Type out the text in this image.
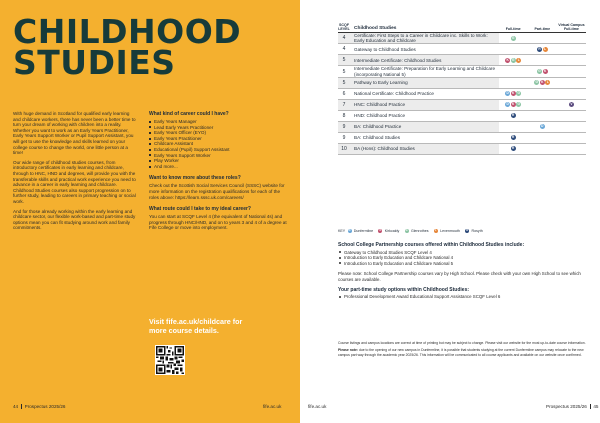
CHILDHOOD
STUDIES

With huge demand in Scotland for qualified early learning and childcare workers, there has never been a better time to turn your dream of working with children into a reality. Whether you want to work as an Early Years Practitioner, Early Years Support Worker or Pupil Support Assistant, you will get to use the knowledge and skills learned on your college course to change the world, one little person at a time!

Our wide range of childhood studies courses, from introductory certificates in early learning and childcare, through to HNC, HND and degrees, will provide you with the transferable skills and practical work experience you need to advance in a career in early learning and childcare. Childhood Studies courses also support progression on to further study, leading to careers in primary teaching or social work.

And for those already working within the early learning and childcare sector, our flexible work-based and part-time study options mean you can fit studying around work and family commitments.

What kind of career could I have?
Early Years Manager
Lead Early Years Practitioner
Early Years Officer (EYO)
Early Years Practitioner
Childcare Assistant
Educational (Pupil) Support Assistant
Early Years Support Worker
Play Worker
And more...
Want to know more about these roles?

Check out the Scottish Social Services Council (SSSC) website for more information on the registration qualifications for each of the roles above: https://learn.sssc.uk.com/careers/

What route could I take to my ideal career?

You can start at SCQF Level 4 (the equivalent of National 4s) and progress through HNC/HND, and on to years 3 and 4 of a degree at Fife College or move into employment.

Visit fife.ac.uk/childcare for
more course details.
44 Prospectus 2025/26	fife.ac.uk
SCQF LEVEL	Childhood Studies	Full-time	Part-time	Virtual Campus Full-time
4	Certificate: First Steps to a Career in Childcare inc. Skills to Work: Early Education and Childcare	G		

4	Gateway to Childhood Studies		R L	

5	Intermediate Certificate: Childhood Studies	K G L		

5	Intermediate Certificate: Preparation for Early Learning and Childcare (incorporating National 5)		G K	

5	Pathway to Early Learning		G K L	

6	National Certificate: Childhood Practice	D K G		

7	HNC: Childhood Practice	D K G		V

8	HND: Childhood Practice	R		

9	BA: Childhood Practice		D	

9	BA: Childhood Studies	R		

10	BA (Hons): Childhood Studies	R		

KEY	D Dunfermline	K Kirkcaldy	G Glenrothes	L Levenmouth	R Rosyth
School College Partnership courses offered within Childhood Studies include:
Gateway to Childhood Studies SCQF Level 4
Introduction to Early Education and Childcare National 4
Introduction to Early Education and Childcare National 5

Please note: School College Partnership courses vary by High School. Please check with your own High School to see which courses are available.

Your part-time study options within Childhood Studies:
Professional Development Award Educational Support Assistance SCQF Level 6

Course listings and campus locations are correct at time of printing but may be subject to change. Please visit our website for the most up-to-date course information.

Please note: due to the opening of our new campus in Dunfermline, it is possible that students studying at the current Dunfermline campus may relocate to the new campus part way through the academic year 2025/26. This information will be communicated to all course applicants and available on our website once confirmed.

fife.ac.uk	Prospectus 2025/26 45
